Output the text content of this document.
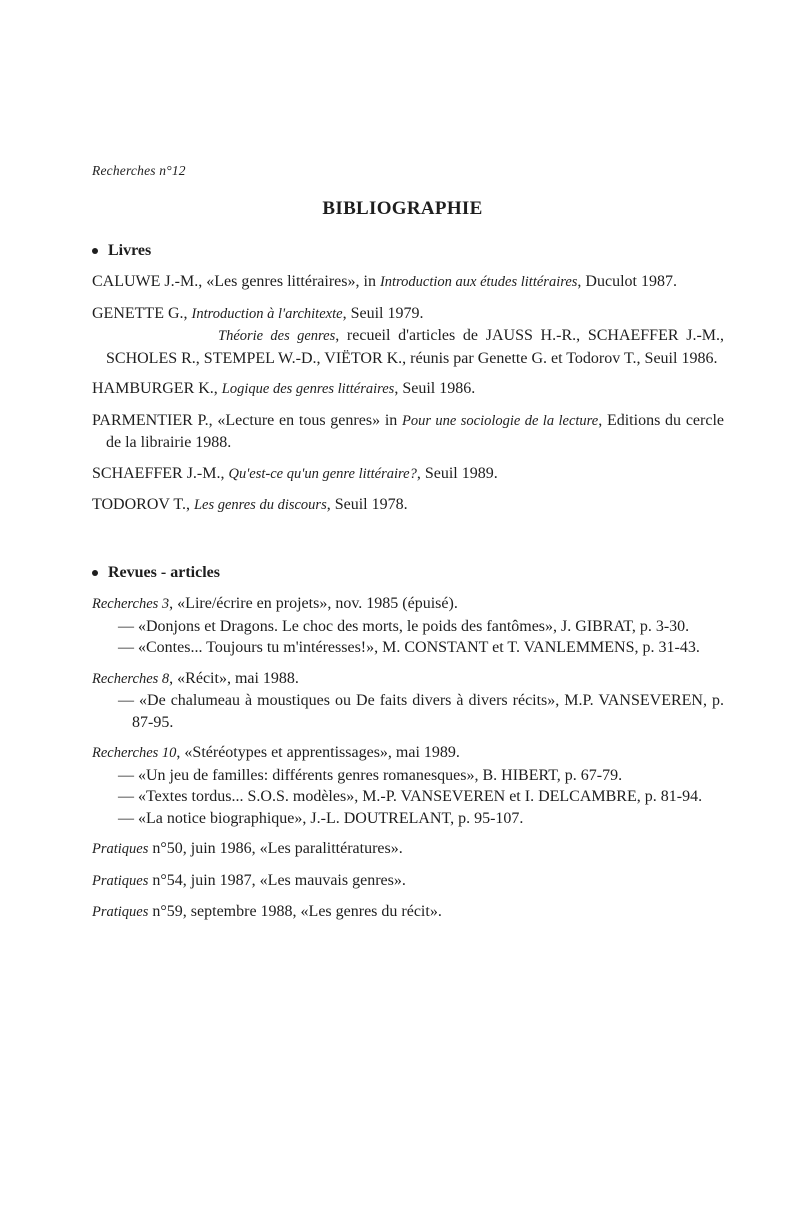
Recherches n°12
BIBLIOGRAPHIE
Livres
CALUWE J.-M., «Les genres littéraires», in Introduction aux études littéraires, Duculot 1987.
GENETTE G., Introduction à l'architexte, Seuil 1979.
Théorie des genres, recueil d'articles de JAUSS H.-R., SCHAEFFER J.-M., SCHOLES R., STEMPEL W.-D., VIËTOR K., réunis par Genette G. et Todorov T., Seuil 1986.
HAMBURGER K., Logique des genres littéraires, Seuil 1986.
PARMENTIER P., «Lecture en tous genres» in Pour une sociologie de la lecture, Editions du cercle de la librairie 1988.
SCHAEFFER J.-M., Qu'est-ce qu'un genre littéraire?, Seuil 1989.
TODOROV T., Les genres du discours, Seuil 1978.
Revues - articles
Recherches 3, «Lire/écrire en projets», nov. 1985 (épuisé).
— «Donjons et Dragons. Le choc des morts, le poids des fantômes», J. GIBRAT, p. 3-30.
— «Contes... Toujours tu m'intéresses!», M. CONSTANT et T. VANLEMMENS, p. 31-43.
Recherches 8, «Récit», mai 1988.
— «De chalumeau à moustiques ou De faits divers à divers récits», M.P. VANSEVEREN, p. 87-95.
Recherches 10, «Stéréotypes et apprentissages», mai 1989.
— «Un jeu de familles: différents genres romanesques», B. HIBERT, p. 67-79.
— «Textes tordus... S.O.S. modèles», M.-P. VANSEVEREN et I. DELCAMBRE, p. 81-94.
— «La notice biographique», J.-L. DOUTRELANT, p. 95-107.
Pratiques n°50, juin 1986, «Les paralittératures».
Pratiques n°54, juin 1987, «Les mauvais genres».
Pratiques n°59, septembre 1988, «Les genres du récit».
